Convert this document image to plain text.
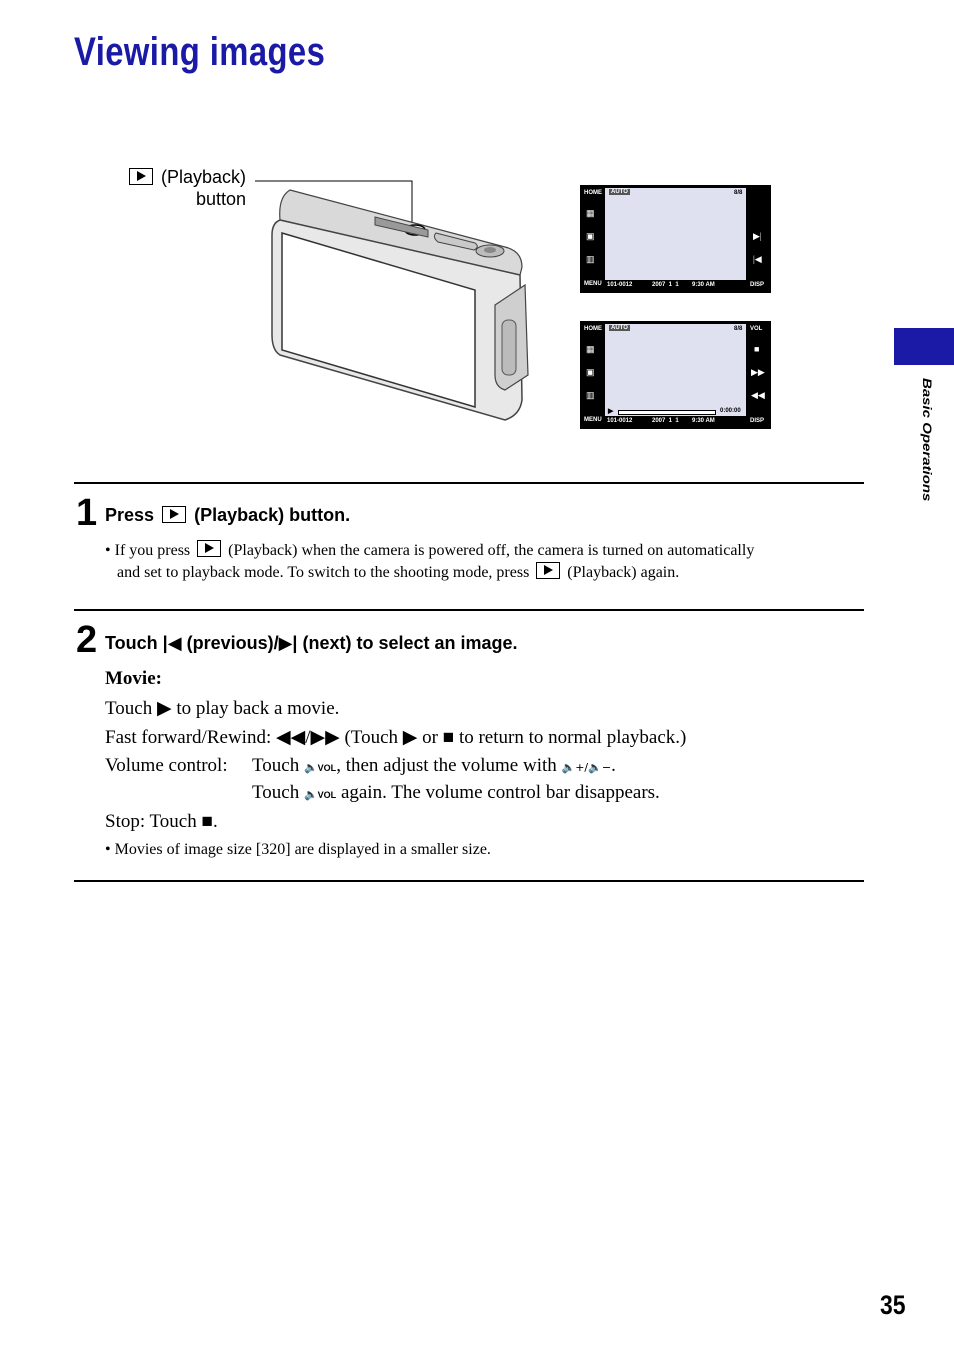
Viewing images
Basic Operations
(Playback)
button	HOME
▦
▣
▥
MENU
AUTO	8/8
▶|
|◀
DISP
101-0012	2007  1  1 9:30 AM
HOME
▦
▣
▥
MENU
AUTO	8/8 VOL
■
▶▶
◀◀
DISP
▶	0:00:00
101-0012	2007  1  1 9:30 AM
1 Press (Playback) button.
• If you press (Playback) when the camera is powered off, the camera is turned on automatically
and set to playback mode. To switch to the shooting mode, press (Playback) again.
2 Touch |◀ (previous)/▶| (next) to select an image.
Movie:
Touch ▶ to play back a movie.
Fast forward/Rewind: ◀◀/▶▶ (Touch ▶ or ■ to return to normal playback.)
Volume control: Touch 🔈VOL, then adjust the volume with 🔈+/🔈−.
Touch 🔈VOL again. The volume control bar disappears.
Stop: Touch ■.
• Movies of image size [320] are displayed in a smaller size.
35
